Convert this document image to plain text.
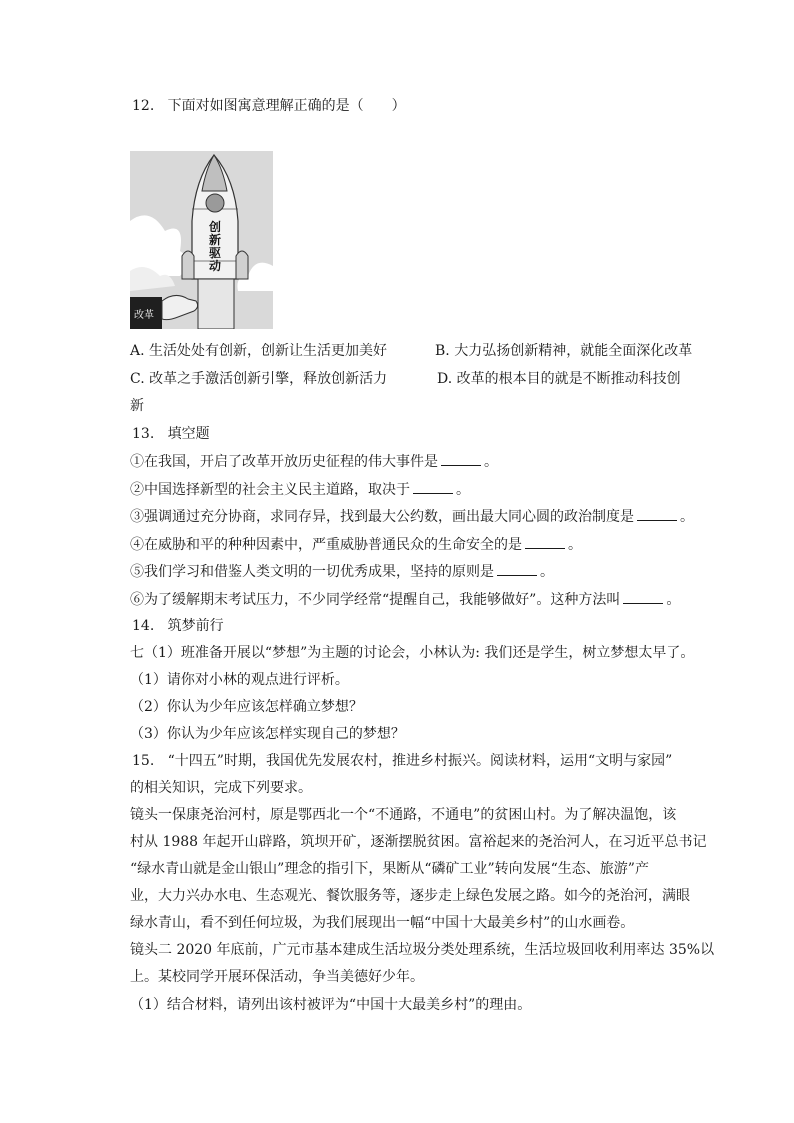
12. 下面对如图寓意理解正确的是（　　）
创
新
驱
动
改革
A. 生活处处有创新，创新让生活更加美好	B. 大力弘扬创新精神，就能全面深化改革
C. 改革之手激活创新引擎，释放创新活力	D. 改革的根本目的就是不断推动科技创
新
13. 填空题
①在我国，开启了改革开放历史征程的伟大事件是	。
②中国选择新型的社会主义民主道路，取决于	。
③强调通过充分协商，求同存异，找到最大公约数，画出最大同心圆的政治制度是	。
④在威胁和平的种种因素中，严重威胁普通民众的生命安全的是	。
⑤我们学习和借鉴人类文明的一切优秀成果，坚持的原则是	。
⑥为了缓解期末考试压力，不少同学经常“提醒自己，我能够做好”。这种方法叫	。
14. 筑梦前行
七（1）班准备开展以“梦想”为主题的讨论会，小林认为: 我们还是学生，树立梦想太早了。
（1）请你对小林的观点进行评析。
（2）你认为少年应该怎样确立梦想？
（3）你认为少年应该怎样实现自己的梦想？
15. “十四五”时期，我国优先发展农村，推进乡村振兴。阅读材料，运用“文明与家园”
的相关知识，完成下列要求。
镜头一保康尧治河村，原是鄂西北一个“不通路，不通电”的贫困山村。为了解决温饱，该
村从 1988 年起开山辟路，筑坝开矿，逐渐摆脱贫困。富裕起来的尧治河人，在习近平总书记
“绿水青山就是金山银山”理念的指引下，果断从“磷矿工业”转向发展“生态、旅游”产
业，大力兴办水电、生态观光、餐饮服务等，逐步走上绿色发展之路。如今的尧治河，满眼
绿水青山，看不到任何垃圾，为我们展现出一幅“中国十大最美乡村”的山水画卷。
镜头二 2020 年底前，广元市基本建成生活垃圾分类处理系统，生活垃圾回收利用率达 35%以
上。某校同学开展环保活动，争当美德好少年。
（1）结合材料，请列出该村被评为“中国十大最美乡村”的理由。
